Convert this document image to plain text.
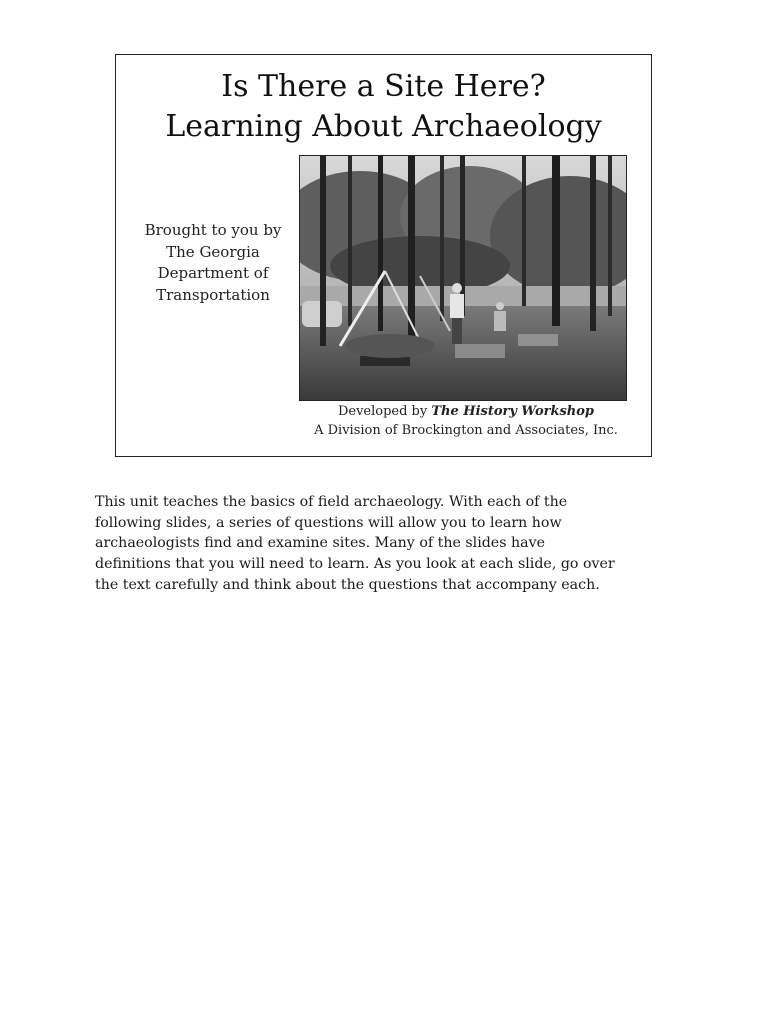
Is There a Site Here?
Learning About Archaeology
Brought to you by
The Georgia
Department of
Transportation
Developed by The History Workshop
A Division of Brockington and Associates, Inc.
This unit teaches the basics of field archaeology. With each of the
following slides, a series of questions will allow you to learn how
archaeologists find and examine sites. Many of the slides have
definitions that you will need to learn. As you look at each slide, go over
the text carefully and think about the questions that accompany each.
